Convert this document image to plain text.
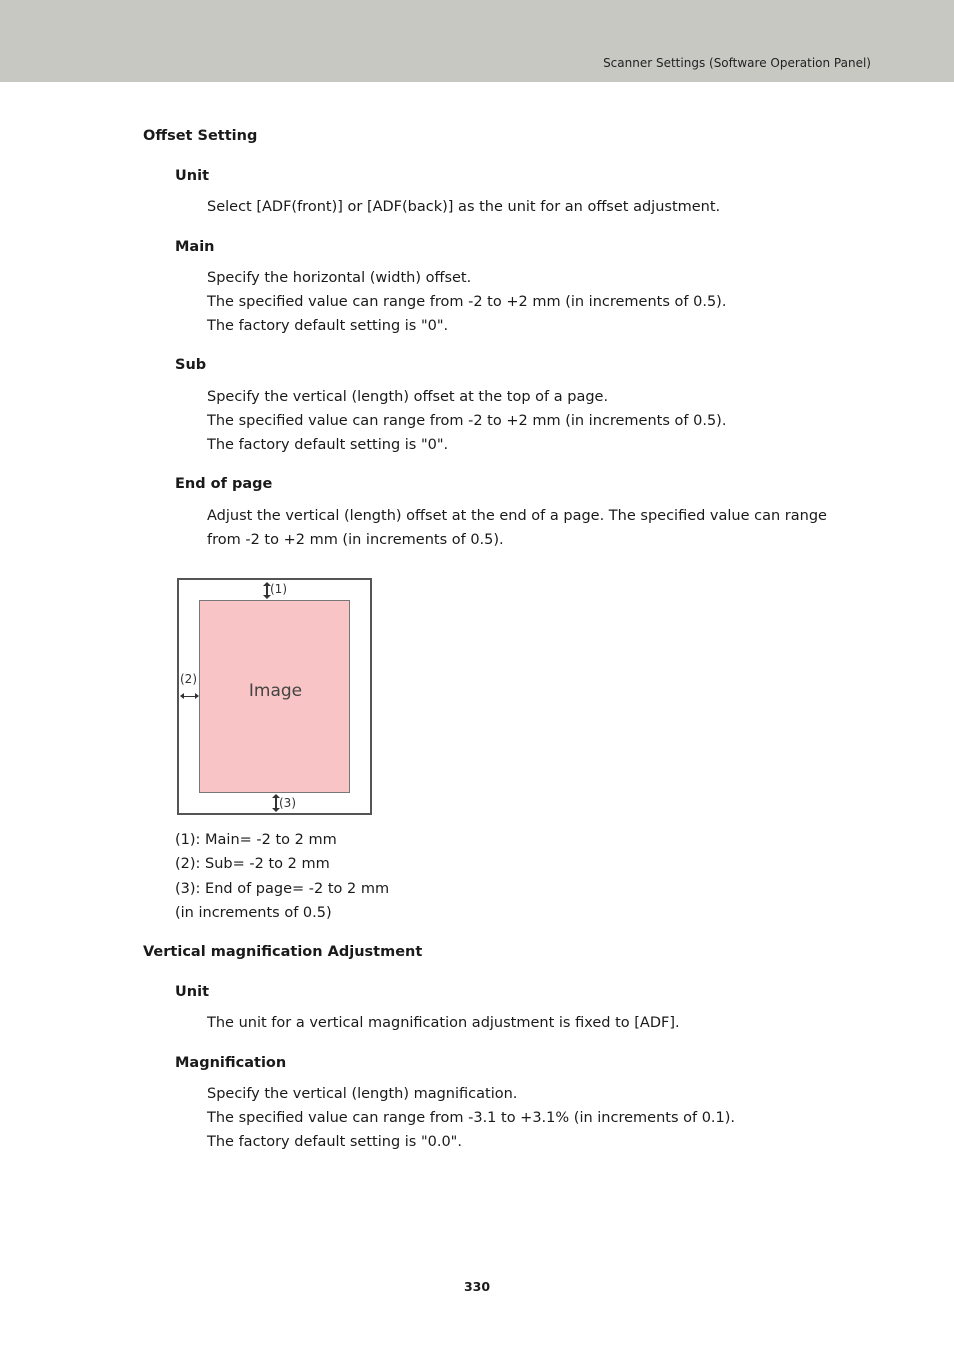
Scanner Settings (Software Operation Panel)
Offset Setting
Unit
Select [ADF(front)] or [ADF(back)] as the unit for an offset adjustment.
Main
Specify the horizontal (width) offset.
The specified value can range from -2 to +2 mm (in increments of 0.5).
The factory default setting is "0".
Sub
Specify the vertical (length) offset at the top of a page.
The specified value can range from -2 to +2 mm (in increments of 0.5).
The factory default setting is "0".
End of page
Adjust the vertical (length) offset at the end of a page. The specified value can range from -2 to +2 mm (in increments of 0.5).
Image
(1)
(2)
(3)
(1): Main= -2 to 2 mm
(2): Sub= -2 to 2 mm
(3): End of page= -2 to 2 mm
(in increments of 0.5)
Vertical magnification Adjustment
Unit
The unit for a vertical magnification adjustment is fixed to [ADF].
Magnification
Specify the vertical (length) magnification.
The specified value can range from -3.1 to +3.1% (in increments of 0.1).
The factory default setting is "0.0".
330
